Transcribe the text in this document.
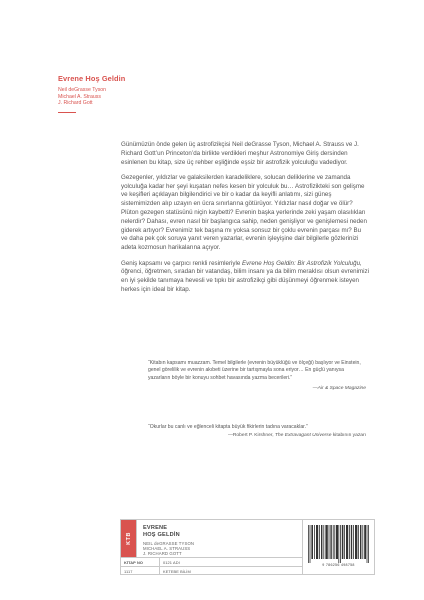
Evrene Hoş Geldin
Neil deGrasse Tyson
Michael A. Strauss
J. Richard Gott

Günümüzün önde gelen üç astrofizikçisi Neil deGrasse Tyson, Michael A. Strauss ve J. Richard Gott’un Princeton’da birlikte verdikleri meşhur Astronomiye Giriş dersinden esinlenen bu kitap, size üç rehber eşliğinde eşsiz bir astrofizik yolculuğu vadediyor.

Gezegenler, yıldızlar ve galaksilerden karadeliklere, solucan deliklerine ve zamanda yolculuğa kadar her şeyi kuşatan nefes kesen bir yolculuk bu… Astrofizikteki son gelişme ve keşifleri açıklayan bilgilendirici ve bir o kadar da keyifli anlatımı, sizi güneş sistemimizden alıp uzayın en ücra sınırlarına götürüyor. Yıldızlar nasıl doğar ve ölür? Plüton gezegen statüsünü niçin kaybetti? Evrenin başka yerlerinde zeki yaşam olasılıkları nelerdir? Dahası, evren nasıl bir başlangıca sahip, neden genişliyor ve genişlemesi neden giderek artıyor? Evrenimiz tek başına mı yoksa sonsuz bir çoklu evrenin parçası mı? Bu ve daha pek çok soruya yanıt veren yazarlar, evrenin işleyişine dair bilgilerle gözlerinizi adeta kozmosun harikalarına açıyor.

Geniş kapsamı ve çarpıcı renkli resimleriyle Evrene Hoş Geldin: Bir Astrofizik Yolculuğu, öğrenci, öğretmen, sıradan bir vatandaş, bilim insanı ya da bilim meraklısı olsun evrenimizi en iyi şekilde tanımaya hevesli ve tıpkı bir astrofizikçi gibi düşünmeyi öğrenmek isteyen herkes için ideal bir kitap.

“Kitabın kapsamı muazzam. Temel bilgilerle (evrenin büyüklüğü ve ölçeği) başlıyor ve Einstein, genel görelilik ve evrenin akıbeti üzerine bir tartışmayla sona eriyor… En güçlü yanıysa yazarların böyle bir konuyu sohbet havasında yazma becerileri.”
—Air & Space Magazine
“Okurlar bu canlı ve eğlenceli kitapta büyük fikirlerin tadına varacaklar.”
—Robert P. Kirshner, The Extravagant Universe kitabının yazarı
KTB
EVRENE
HOŞ GELDİN
NEIL deGRASSE TYSON
MICHAEL A. STRAUSS
J. RICHARD GOTT
KİTAP NO	0121 ADI
1117	KETEBE BİLİM
9 786256 498758
